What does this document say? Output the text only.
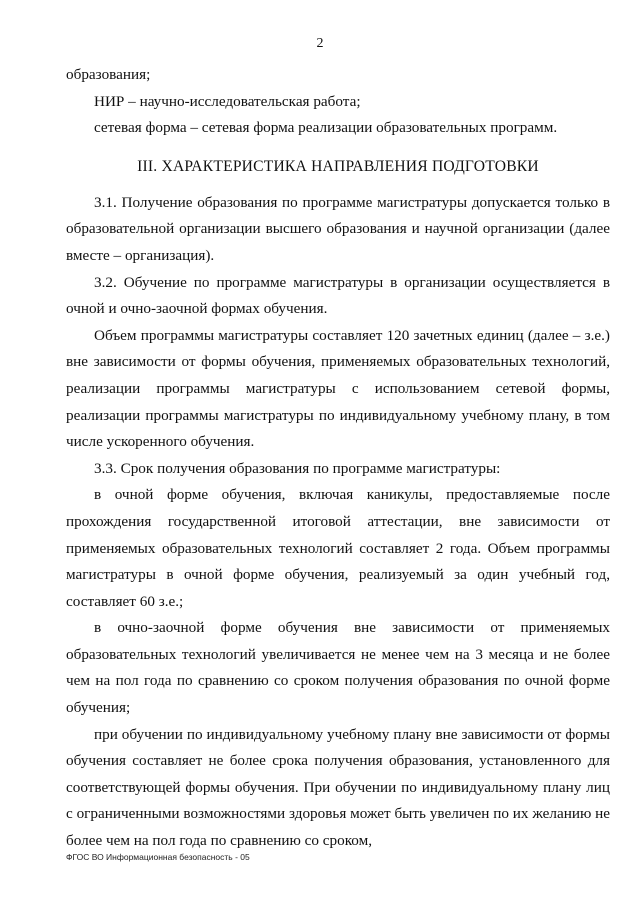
2

образования;

НИР – научно-исследовательская работа;

сетевая форма – сетевая форма реализации образовательных программ.

III. ХАРАКТЕРИСТИКА НАПРАВЛЕНИЯ ПОДГОТОВКИ

3.1. Получение образования по программе магистратуры допускается только в образовательной организации высшего образования и научной организации (далее вместе – организация).

3.2. Обучение по программе магистратуры в организации осуществляется в очной и очно-заочной формах обучения.

Объем программы магистратуры составляет 120 зачетных единиц (далее – з.е.) вне зависимости от формы обучения, применяемых образовательных технологий, реализации программы магистратуры с использованием сетевой формы, реализации программы магистратуры по индивидуальному учебному плану, в том числе ускоренного обучения.

3.3. Срок получения образования по программе магистратуры:

в очной форме обучения, включая каникулы, предоставляемые после прохождения государственной итоговой аттестации, вне зависимости от применяемых образовательных технологий составляет 2 года. Объем программы магистратуры в очной форме обучения, реализуемый за один учебный год, составляет 60 з.е.;

в очно-заочной форме обучения вне зависимости от применяемых образовательных технологий увеличивается не менее чем на 3 месяца и не более чем на пол года по сравнению со сроком получения образования по очной форме обучения;

при обучении по индивидуальному учебному плану вне зависимости от формы обучения составляет не более срока получения образования, установленного для соответствующей формы обучения. При обучении по индивидуальному плану лиц с ограниченными возможностями здоровья может быть увеличен по их желанию не более чем на пол года по сравнению со сроком,

ФГОС ВО Информационная безопасность - 05
